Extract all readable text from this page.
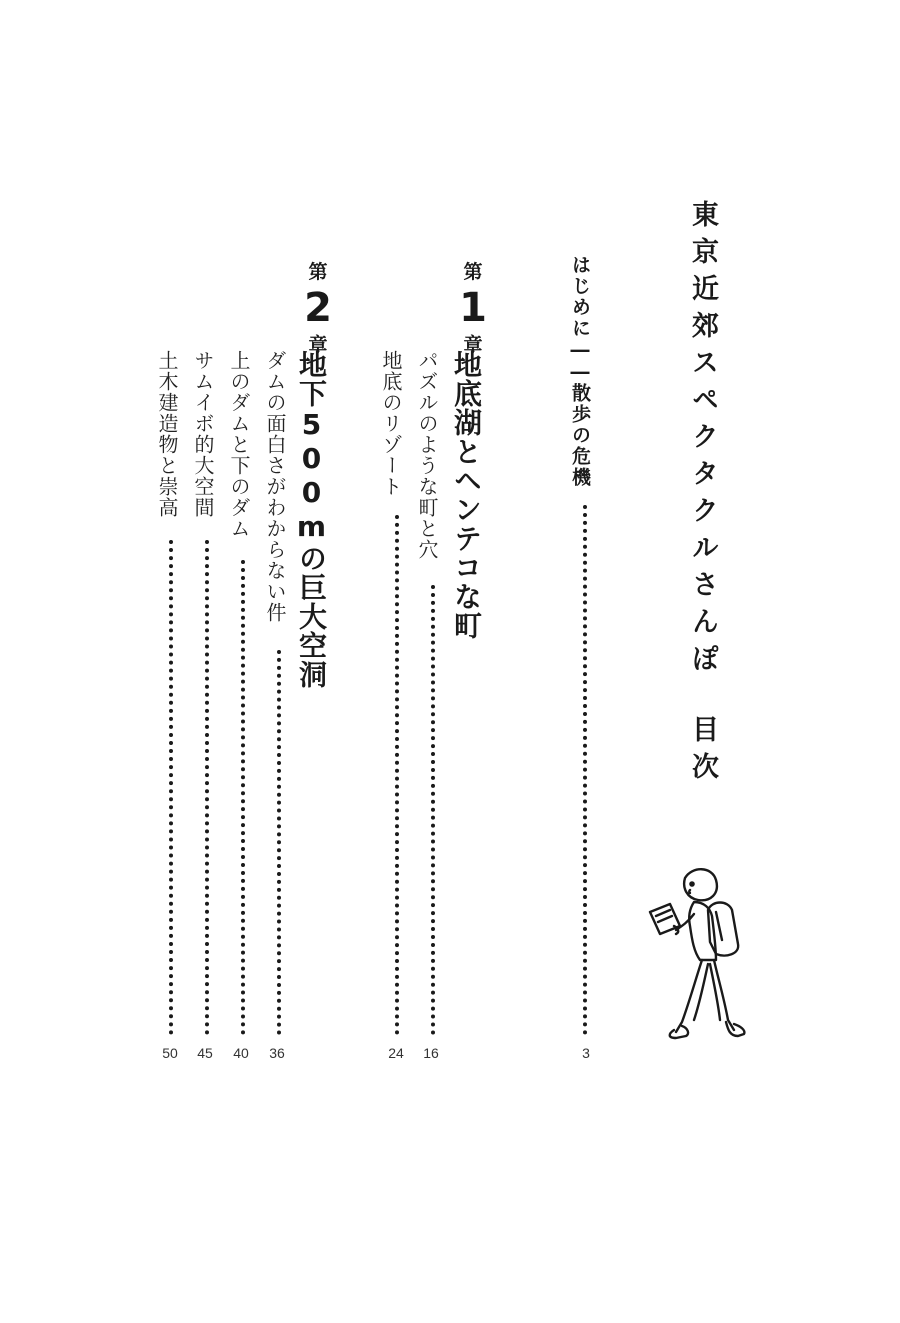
東京近郊スペクタクルさんぽ目次
はじめに――散歩の危機
3
第
1
章
地底湖とヘンテコな町
パズルのような町と穴
16
地底のリゾート
24
第
2
章
地下500mの巨大空洞
ダムの面白さがわからない件
36
上のダムと下のダム
40
サムイボ的大空間
45
土木建造物と崇高
50
